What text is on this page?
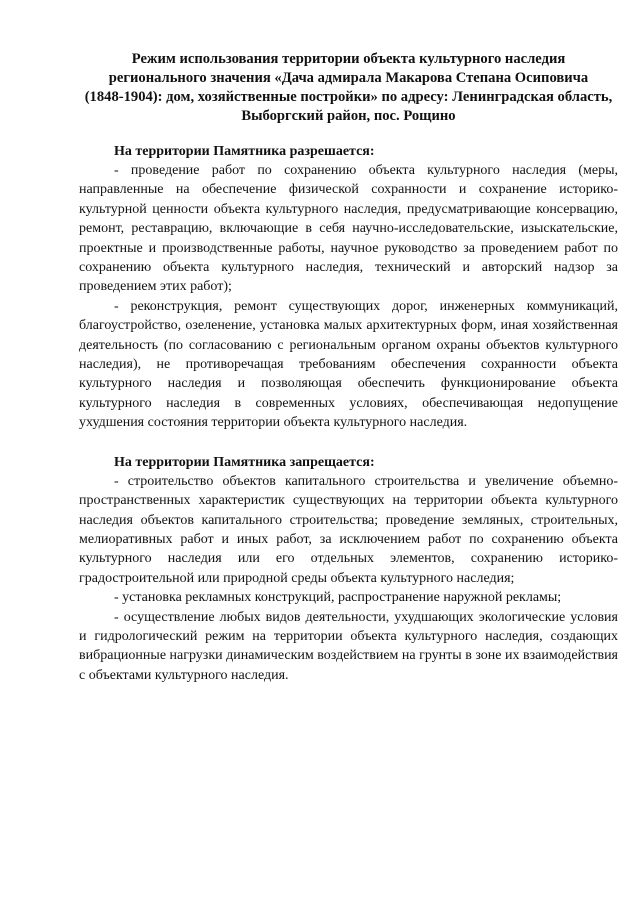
Режим использования территории объекта культурного наследия
регионального значения «Дача адмирала Макарова Степана Осиповича
(1848-1904): дом, хозяйственные постройки» по адресу: Ленинградская область,
Выборгский район, пос. Рощино

На территории Памятника разрешается:

- проведение работ по сохранению объекта культурного наследия (меры, направленные на обеспечение физической сохранности и сохранение историко-культурной ценности объекта культурного наследия, предусматривающие консервацию, ремонт, реставрацию, включающие в себя научно-исследовательские, изыскательские, проектные и производственные работы, научное руководство за проведением работ по сохранению объекта культурного наследия, технический и авторский надзор за проведением этих работ);

- реконструкция, ремонт существующих дорог, инженерных коммуникаций, благоустройство, озеленение, установка малых архитектурных форм, иная хозяйственная деятельность (по согласованию с региональным органом охраны объектов культурного наследия), не противоречащая требованиям обеспечения сохранности объекта культурного наследия и позволяющая обеспечить функционирование объекта культурного наследия в современных условиях, обеспечивающая недопущение ухудшения состояния территории объекта культурного наследия.

На территории Памятника запрещается:

- строительство объектов капитального строительства и увеличение объемно-пространственных характеристик существующих на территории объекта культурного наследия объектов капитального строительства; проведение земляных, строительных, мелиоративных работ и иных работ, за исключением работ по сохранению объекта культурного наследия или его отдельных элементов, сохранению историко-градостроительной или природной среды объекта культурного наследия;

- установка рекламных конструкций, распространение наружной рекламы;

- осуществление любых видов деятельности, ухудшающих экологические условия и гидрологический режим на территории объекта культурного наследия, создающих вибрационные нагрузки динамическим воздействием на грунты в зоне их взаимодействия с объектами культурного наследия.
